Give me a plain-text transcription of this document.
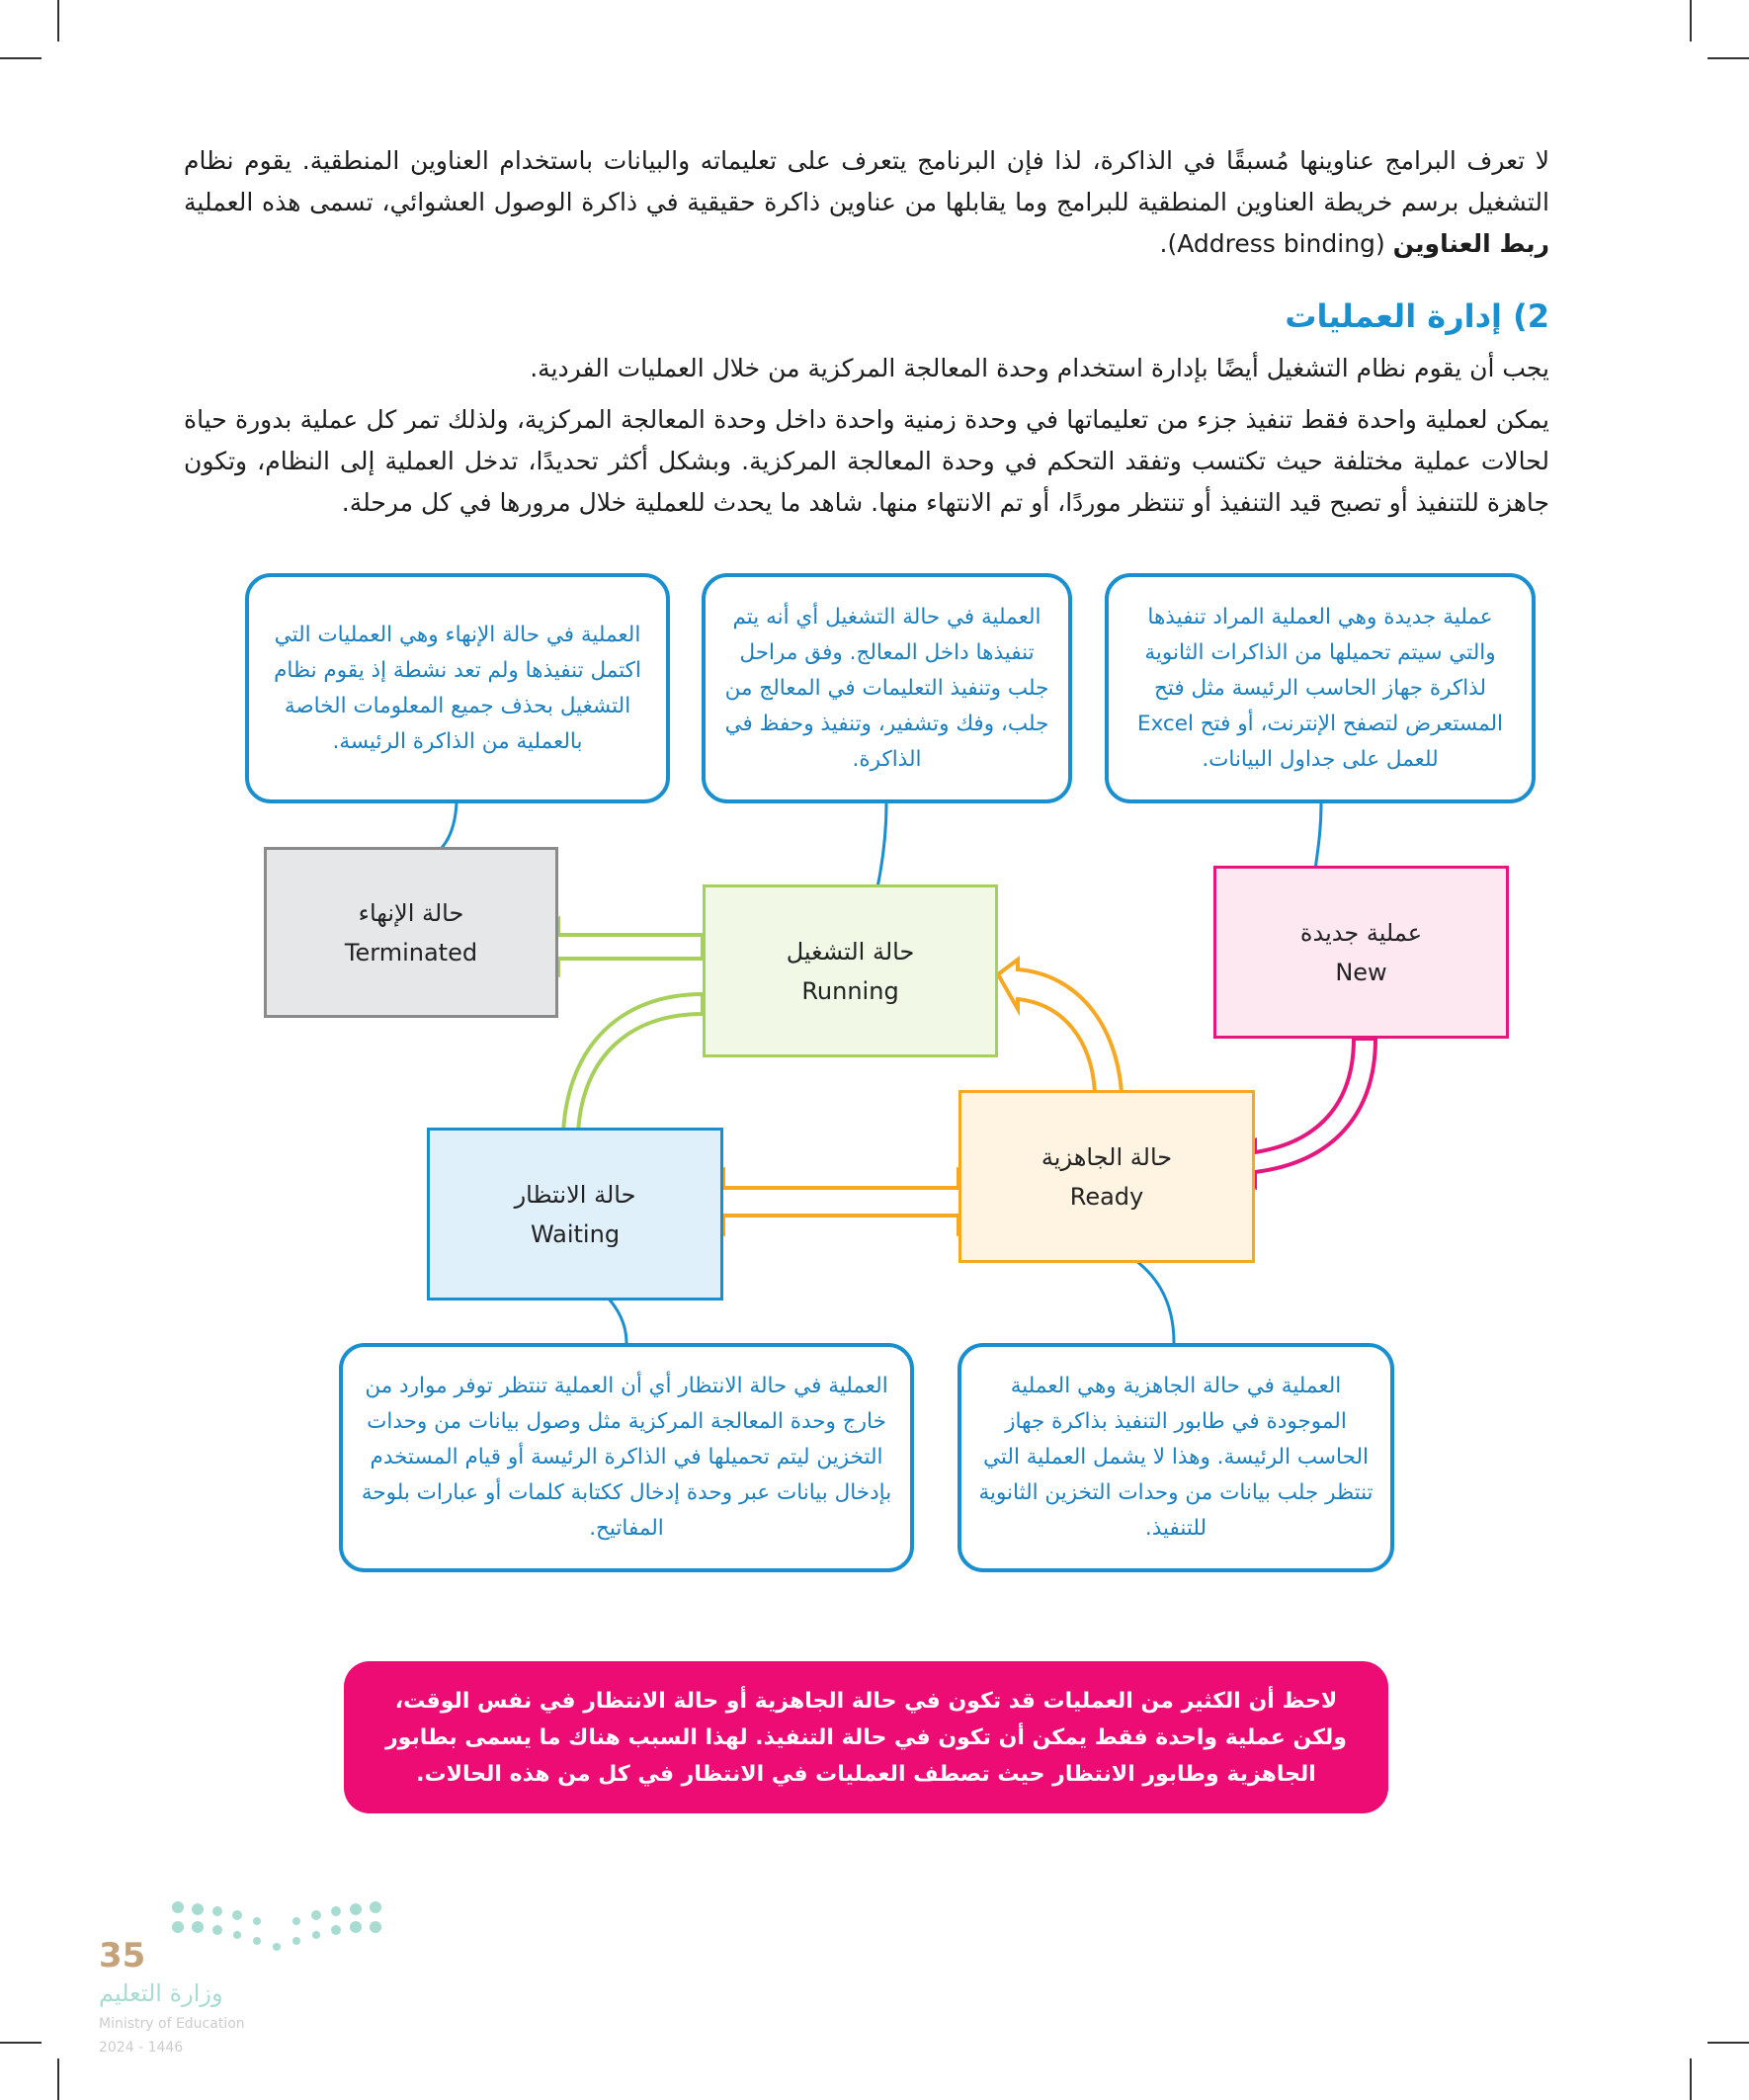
لا تعرف البرامج عناوينها مُسبقًا في الذاكرة، لذا فإن البرنامج يتعرف على تعليماته والبيانات باستخدام العناوين المنطقية. يقوم نظام التشغيل برسم خريطة العناوين المنطقية للبرامج وما يقابلها من عناوين ذاكرة حقيقية في ذاكرة الوصول العشوائي، تسمى هذه العملية ربط العناوين (Address binding).

2) إدارة العمليات

يجب أن يقوم نظام التشغيل أيضًا بإدارة استخدام وحدة المعالجة المركزية من خلال العمليات الفردية.

يمكن لعملية واحدة فقط تنفيذ جزء من تعليماتها في وحدة زمنية واحدة داخل وحدة المعالجة المركزية، ولذلك تمر كل عملية بدورة حياة لحالات عملية مختلفة حيث تكتسب وتفقد التحكم في وحدة المعالجة المركزية. وبشكل أكثر تحديدًا، تدخل العملية إلى النظام، وتكون جاهزة للتنفيذ أو تصبح قيد التنفيذ أو تنتظر موردًا، أو تم الانتهاء منها. شاهد ما يحدث للعملية خلال مرورها في كل مرحلة.

العملية في حالة الإنهاء وهي العمليات التي اكتمل تنفيذها ولم تعد نشطة إذ يقوم نظام التشغيل بحذف جميع المعلومات الخاصة بالعملية من الذاكرة الرئيسة.
العملية في حالة التشغيل أي أنه يتم تنفيذها داخل المعالج. وفق مراحل جلب وتنفيذ التعليمات في المعالج من جلب، وفك وتشفير، وتنفيذ وحفظ في الذاكرة.
عملية جديدة وهي العملية المراد تنفيذها والتي سيتم تحميلها من الذاكرات الثانوية لذاكرة جهاز الحاسب الرئيسة مثل فتح المستعرض لتصفح الإنترنت، أو فتح Excel للعمل على جداول البيانات.
العملية في حالة الانتظار أي أن العملية تنتظر توفر موارد من خارج وحدة المعالجة المركزية مثل وصول بيانات من وحدات التخزين ليتم تحميلها في الذاكرة الرئيسة أو قيام المستخدم بإدخال بيانات عبر وحدة إدخال ككتابة كلمات أو عبارات بلوحة المفاتيح.
العملية في حالة الجاهزية وهي العملية الموجودة في طابور التنفيذ بذاكرة جهاز الحاسب الرئيسة. وهذا لا يشمل العملية التي تنتظر جلب بيانات من وحدات التخزين الثانوية للتنفيذ.
حالة الإنهاء
Terminated	حالة التشغيل
Running
عملية جديدة
New
حالة الجاهزية
Ready
حالة الانتظار
Waiting
لاحظ أن الكثير من العمليات قد تكون في حالة الجاهزية أو حالة الانتظار في نفس الوقت، ولكن عملية واحدة فقط يمكن أن تكون في حالة التنفيذ. لهذا السبب هناك ما يسمى بطابور الجاهزية وطابور الانتظار حيث تصطف العمليات في الانتظار في كل من هذه الحالات.
35
وزارة التعليم
Ministry of Education
2024 - 1446
